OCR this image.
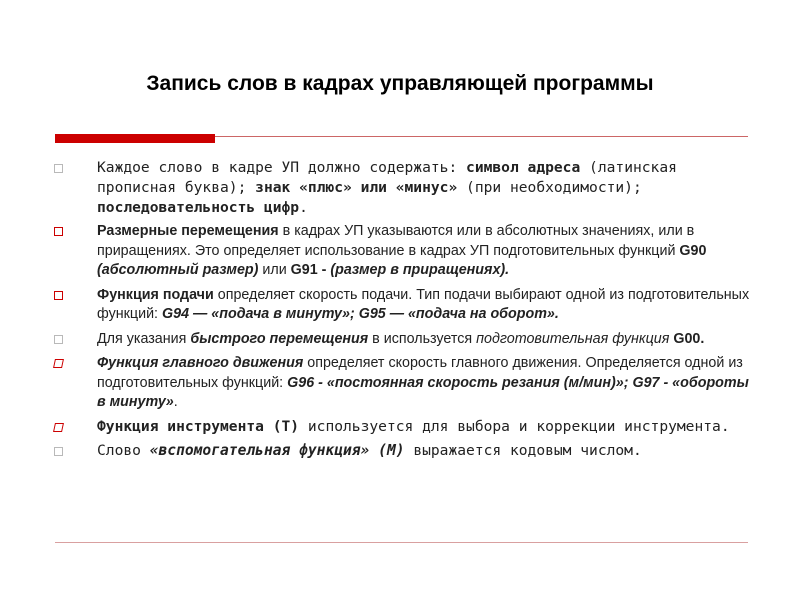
Запись слов в кадрах управляющей программы
Каждое слово в кадре УП должно содержать: символ адреса (латинская прописная буква); знак «плюс» или «минус» (при необходимости); последовательность цифр.
Размерные перемещения в кадрах УП указываются или в абсолютных значениях, или в приращениях. Это определяет использование в кадрах УП подготовительных функций G90 (абсолютный размер) или G91 - (размер в приращениях).
Функция подачи определяет скорость подачи. Тип подачи выбирают одной из подготовительных функций: G94 — «подача в минуту»; G95 — «подача на оборот».
Для указания быстрого перемещения в используется подготовительная функция G00.
Функция главного движения определяет скорость главного движения. Определяется одной из подготовительных функций: G96 - «постоянная скорость резания (м/мин)»; G97 - «обороты в минуту».
Функция инструмента (Т) используется для выбора и коррекции инструмента.
Слово «вспомогательная функция» (М) выражается кодовым числом.
